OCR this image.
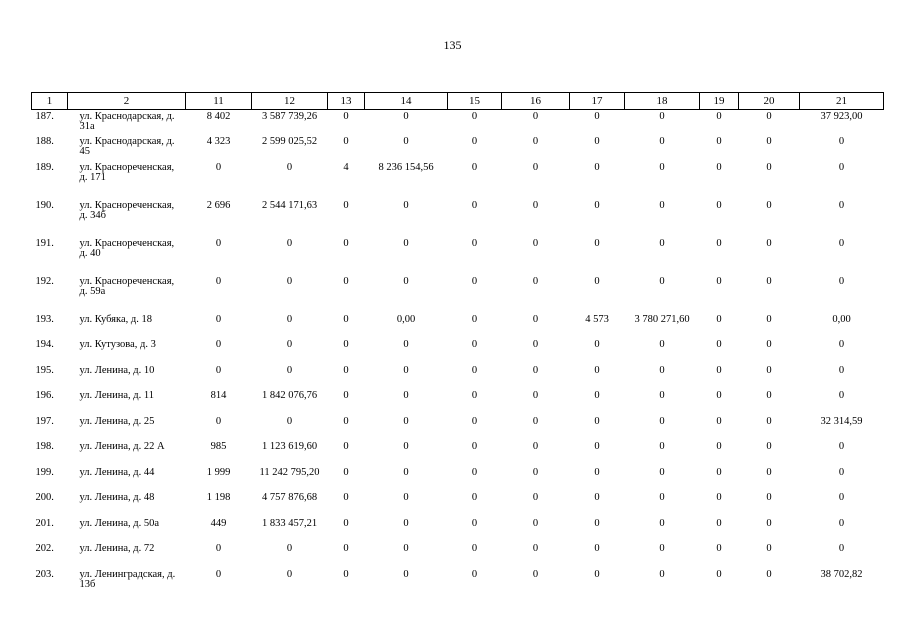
135
1	2	11	12	13	14	15	16	17	18	19	20	21
187.	ул. Краснодарская, д. 31а	8 402	3 587 739,26	0	0	0	0	0	0	0	0	37 923,00
188.	ул. Краснодарская, д. 45	4 323	2 599 025,52	0	0	0	0	0	0	0	0	0
189.	ул. Краснореченская, д. 171	0	0	4	8 236 154,56	0	0	0	0	0	0	0
190.	ул. Краснореченская, д. 34б	2 696	2 544 171,63	0	0	0	0	0	0	0	0	0
191.	ул. Краснореченская, д. 40	0	0	0	0	0	0	0	0	0	0	0
192.	ул. Краснореченская, д. 59а	0	0	0	0	0	0	0	0	0	0	0
193.	ул. Кубяка, д. 18	0	0	0	0,00	0	0	4 573	3 780 271,60	0	0	0,00
194.	ул. Кутузова, д. 3	0	0	0	0	0	0	0	0	0	0	0
195.	ул. Ленина, д. 10	0	0	0	0	0	0	0	0	0	0	0
196.	ул. Ленина, д. 11	814	1 842 076,76	0	0	0	0	0	0	0	0	0
197.	ул. Ленина, д. 25	0	0	0	0	0	0	0	0	0	0	32 314,59
198.	ул. Ленина, д. 22 А	985	1 123 619,60	0	0	0	0	0	0	0	0	0
199.	ул. Ленина, д. 44	1 999	11 242 795,20	0	0	0	0	0	0	0	0	0
200.	ул. Ленина, д. 48	1 198	4 757 876,68	0	0	0	0	0	0	0	0	0
201.	ул. Ленина, д. 50а	449	1 833 457,21	0	0	0	0	0	0	0	0	0
202.	ул. Ленина, д. 72	0	0	0	0	0	0	0	0	0	0	0
203.	ул. Ленинградская, д. 13б	0	0	0	0	0	0	0	0	0	0	38 702,82
